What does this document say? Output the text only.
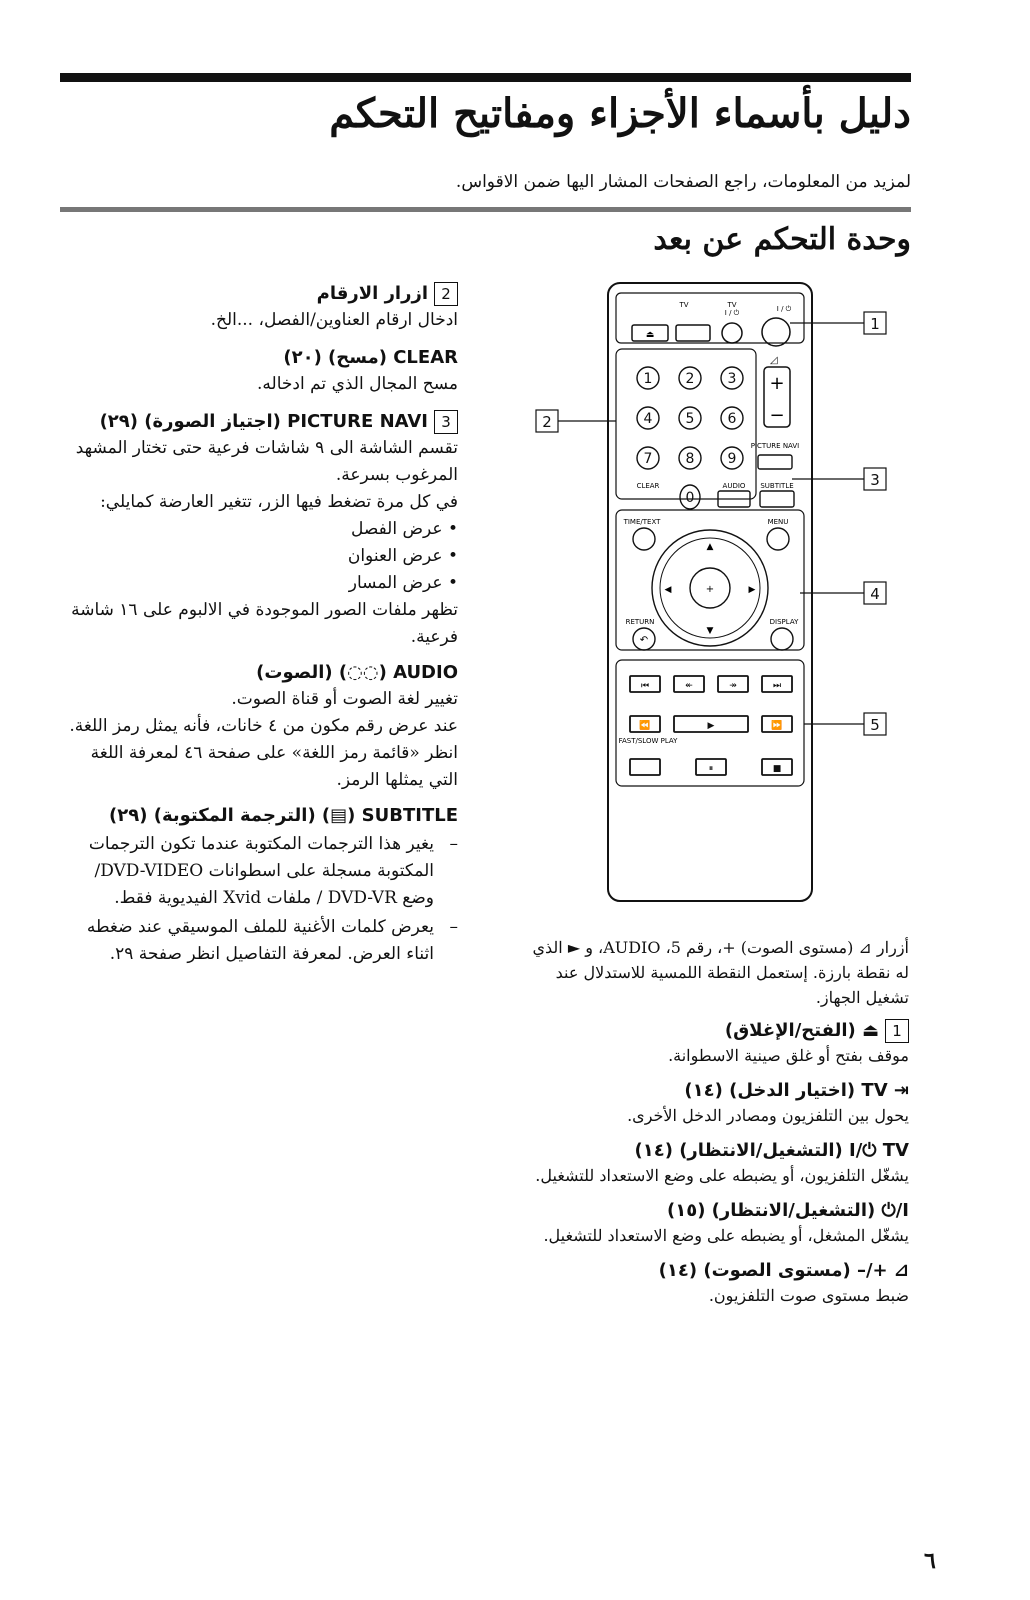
دليل بأسماء الأجزاء ومفاتيح التحكم
لمزيد من المعلومات، راجع الصفحات المشار اليها ضمن الاقواس.
وحدة التحكم عن بعد
2ازرار الارقام

ادخال ارقام العناوين/الفصل، ...الخ.

CLEAR (مسح) (٢٠)

مسح المجال الذي تم ادخاله.

3PICTURE NAVI (اجتياز الصورة) (٢٩)

تقسم الشاشة الى ٩ شاشات فرعية حتى تختار المشهد المرغوب بسرعة.

في كل مرة تضغط فيها الزر، تتغير العارضة كمايلي:

• عرض الفصل
• عرض العنوان
• عرض المسار

تظهر ملفات الصور الموجودة في الالبوم على ١٦ شاشة فرعية.

AUDIO (◌◌) (الصوت)

تغيير لغة الصوت أو قناة الصوت.

عند عرض رقم مكون من ٤ خانات، فأنه يمثل رمز اللغة. انظر «قائمة رمز اللغة» على صفحة ٤٦ لمعرفة اللغة التي يمثلها الرمز.

SUBTITLE (▤) (الترجمة المكتوبة) (٢٩)

– يغير هذا الترجمات المكتوبة عندما تكون الترجمات المكتوبة مسجلة على اسطوانات DVD-VIDEO/ وضع DVD-VR / ملفات Xvid الفيديوية فقط.

– يعرض كلمات الأغنية للملف الموسيقي عند ضغطه اثناء العرض. لمعرفة التفاصيل انظر صفحة ٢٩.

TV	TV	I / ⏻
I / ⏻
⏏
1 2 3
4 5 6
7 8 9
0
CLEAR	AUDIO SUBTITLE
◿
+
−
PICTURE NAVI
TIME/TEXT	MENU
+
▲
▼
◀	▶
RETURN
↶
DISPLAY
⏮	↞	↠	⏭
⏪	▶	⏩
⏸	■
FAST/SLOW PLAY
1
2
3
4
5

أزرار ⊿ (مستوى الصوت) +، رقم 5، AUDIO، و ► الذي له نقطة بارزة. إستعمل النقطة اللمسية للاستدلال عند تشغيل الجهاز.

1⏏ (الفتح/الإغلاق)

موقف بفتح أو غلق صينية الاسطوانة.

⇥ TV (اختيار الدخل) (١٤)

يحول بين التلفزيون ومصادر الدخل الأخرى.

I/⏻ TV (التشغيل/الانتظار) (١٤)

يشغّل التلفزيون، أو يضبطه على وضع الاستعداد للتشغيل.

I/⏻ (التشغيل/الانتظار) (١٥)

يشغّل المشغل، أو يضبطه على وضع الاستعداد للتشغيل.

⊿ +/– (مستوى الصوت) (١٤)

ضبط مستوى صوت التلفزيون.

٦
